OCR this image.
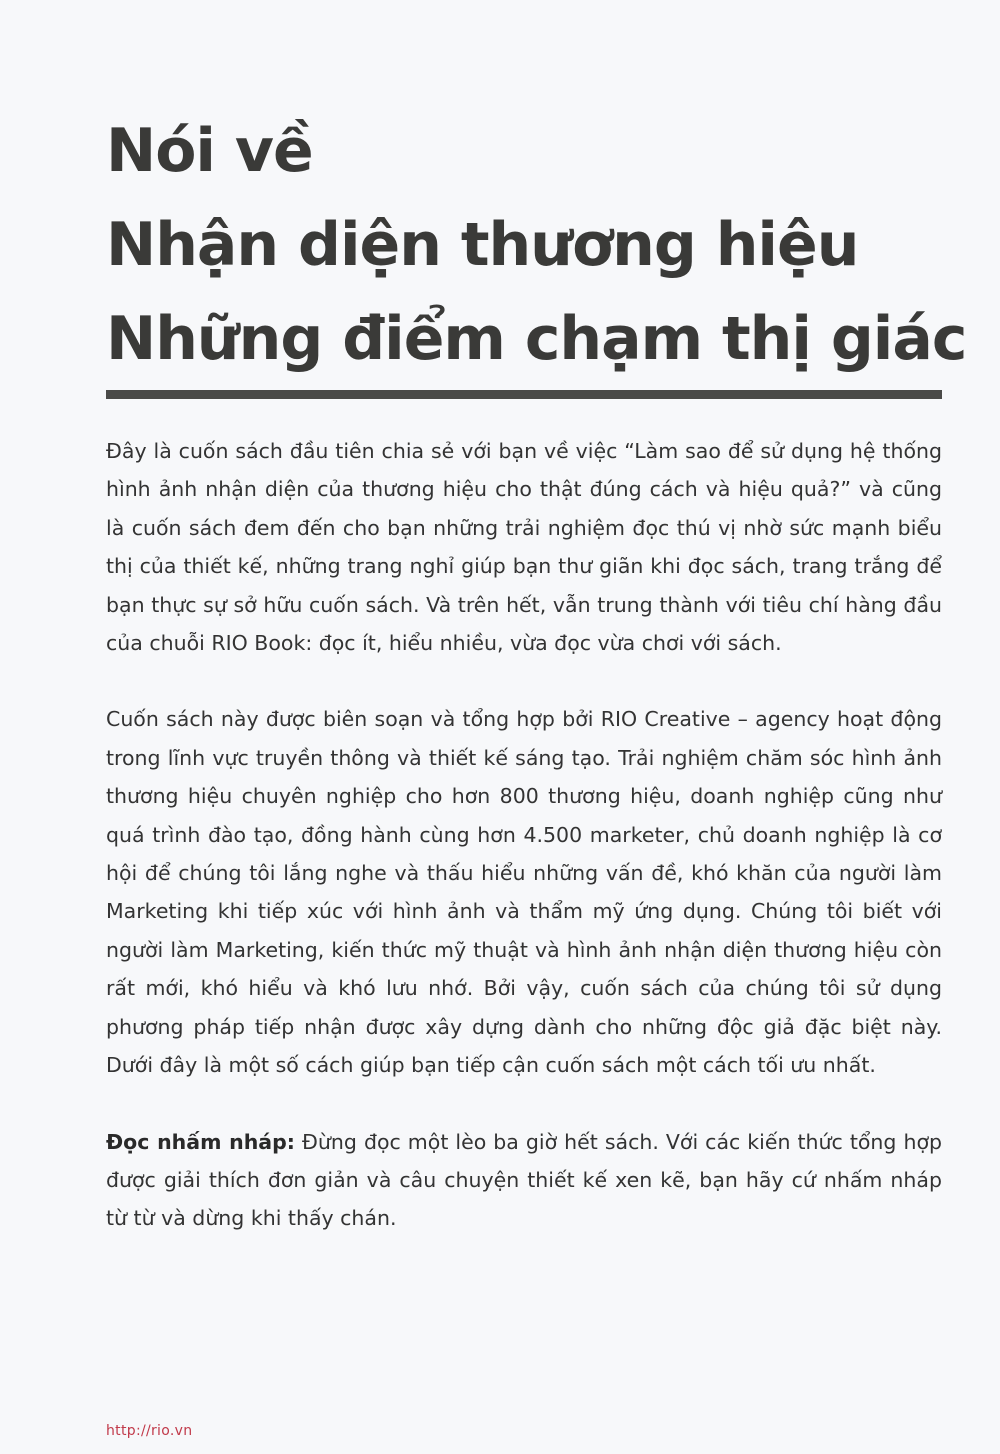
Nói về
Nhận diện thương hiệu
Những điểm chạm thị giác

Đây là cuốn sách đầu tiên chia sẻ với bạn về việc “Làm sao để sử dụng hệ thống hình ảnh nhận diện của thương hiệu cho thật đúng cách và hiệu quả?” và cũng là cuốn sách đem đến cho bạn những trải nghiệm đọc thú vị nhờ sức mạnh biểu thị của thiết kế, những trang nghỉ giúp bạn thư giãn khi đọc sách, trang trắng để bạn thực sự sở hữu cuốn sách. Và trên hết, vẫn trung thành với tiêu chí hàng đầu của chuỗi RIO Book: đọc ít, hiểu nhiều, vừa đọc vừa chơi với sách.

Cuốn sách này được biên soạn và tổng hợp bởi RIO Creative – agency hoạt động trong lĩnh vực truyền thông và thiết kế sáng tạo. Trải nghiệm chăm sóc hình ảnh thương hiệu chuyên nghiệp cho hơn 800 thương hiệu, doanh nghiệp cũng như quá trình đào tạo, đồng hành cùng hơn 4.500 marketer, chủ doanh nghiệp là cơ hội để chúng tôi lắng nghe và thấu hiểu những vấn đề, khó khăn của người làm Marketing khi tiếp xúc với hình ảnh và thẩm mỹ ứng dụng. Chúng tôi biết với người làm Marketing, kiến thức mỹ thuật và hình ảnh nhận diện thương hiệu còn rất mới, khó hiểu và khó lưu nhớ. Bởi vậy, cuốn sách của chúng tôi sử dụng phương pháp tiếp nhận được xây dựng dành cho những độc giả đặc biệt này. Dưới đây là một số cách giúp bạn tiếp cận cuốn sách một cách tối ưu nhất.

Đọc nhấm nháp: Đừng đọc một lèo ba giờ hết sách. Với các kiến thức tổng hợp được giải thích đơn giản và câu chuyện thiết kế xen kẽ, bạn hãy cứ nhấm nháp từ từ và dừng khi thấy chán.

http://rio.vn
